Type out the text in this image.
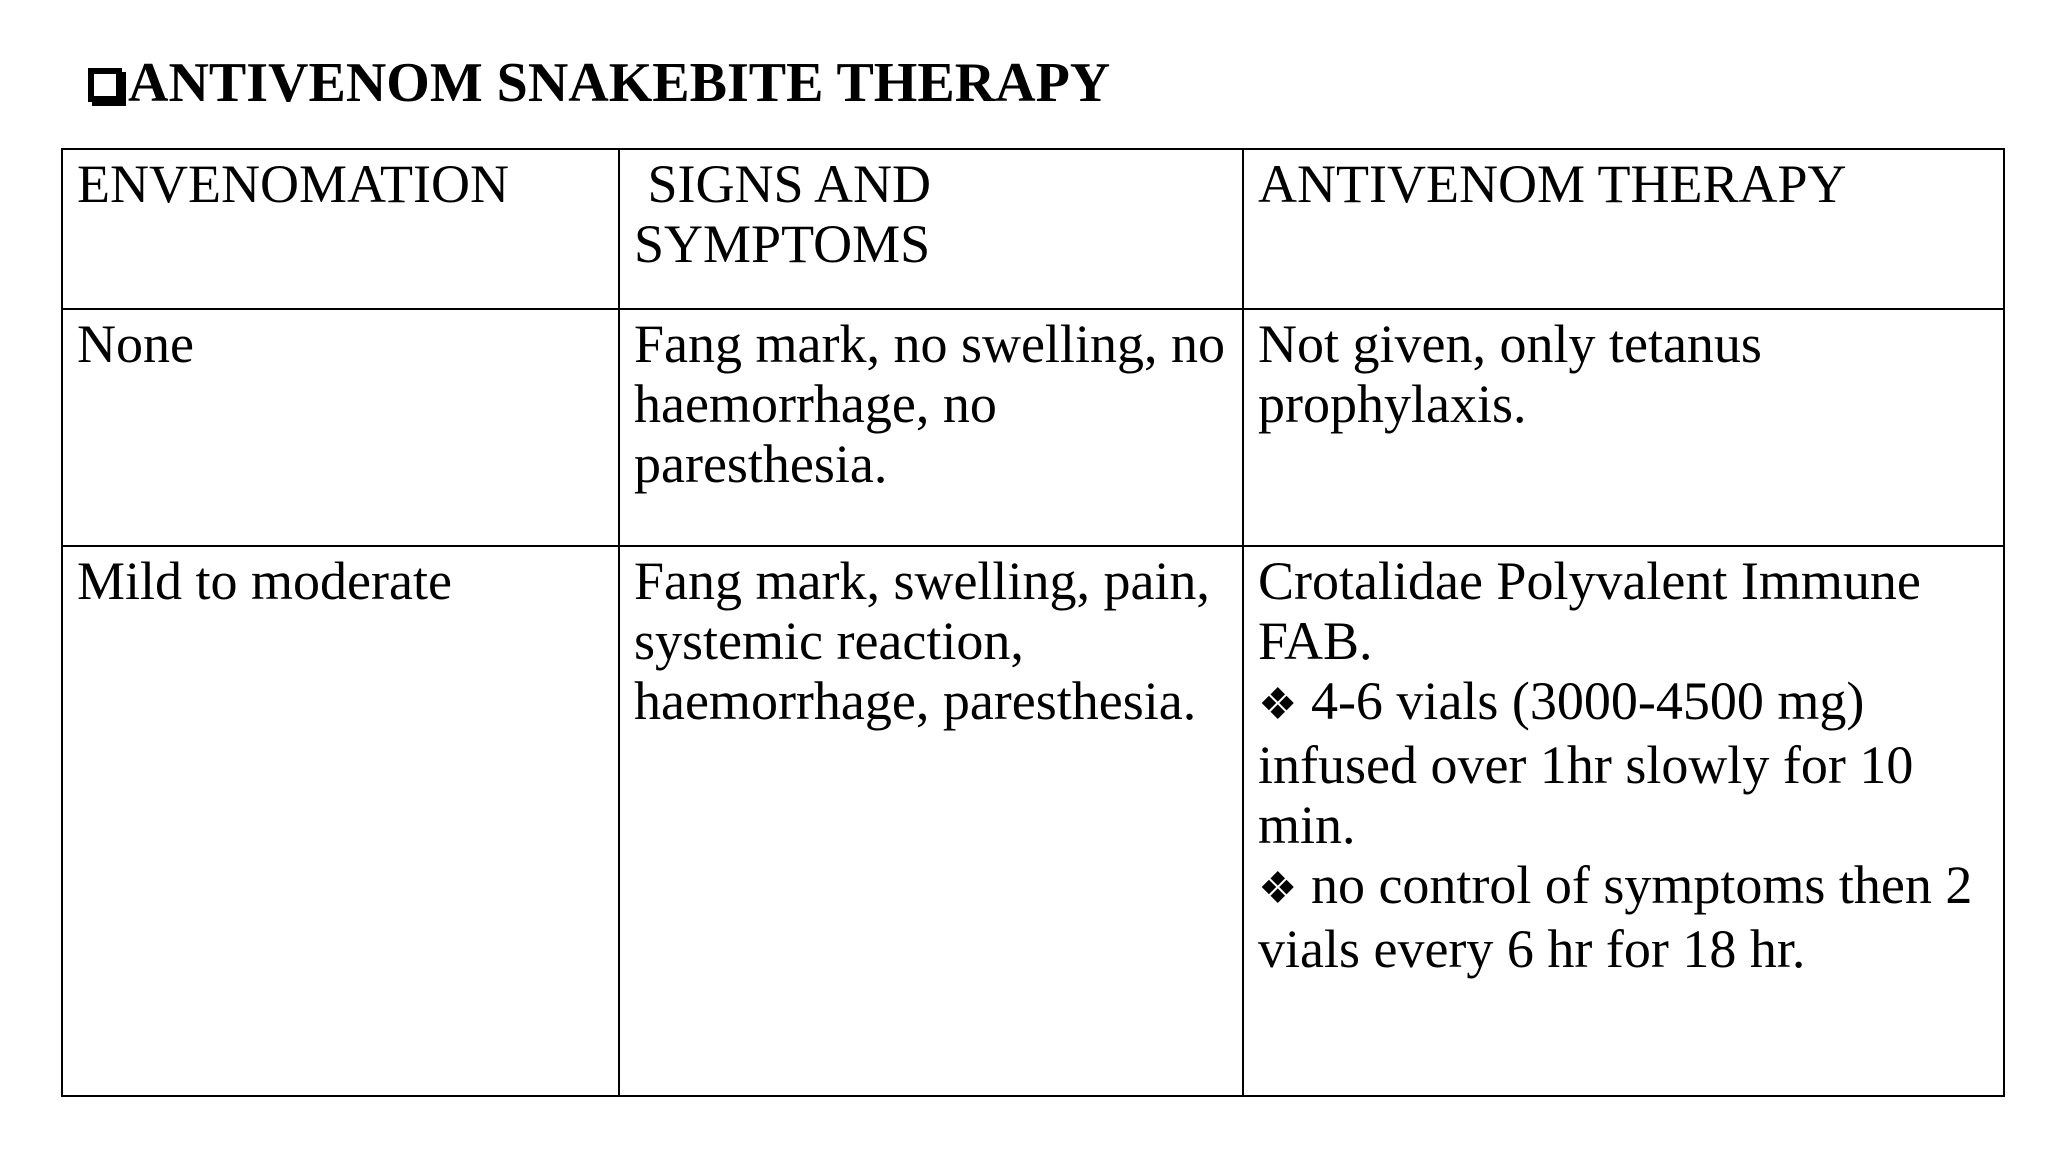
ANTIVENOM SNAKEBITE THERAPY
ENVENOMATION	SIGNS AND SYMPTOMS	ANTIVENOM THERAPY
None	Fang mark, no swelling, no haemorrhage, no paresthesia.	Not given, only tetanus prophylaxis.
Mild to moderate	Fang mark, swelling, pain, systemic reaction, haemorrhage, paresthesia.	Crotalidae Polyvalent Immune FAB.
❖ 4-6 vials (3000-4500 mg) infused over 1hr slowly for 10 min.
❖ no control of symptoms then 2 vials every 6 hr for 18 hr.
